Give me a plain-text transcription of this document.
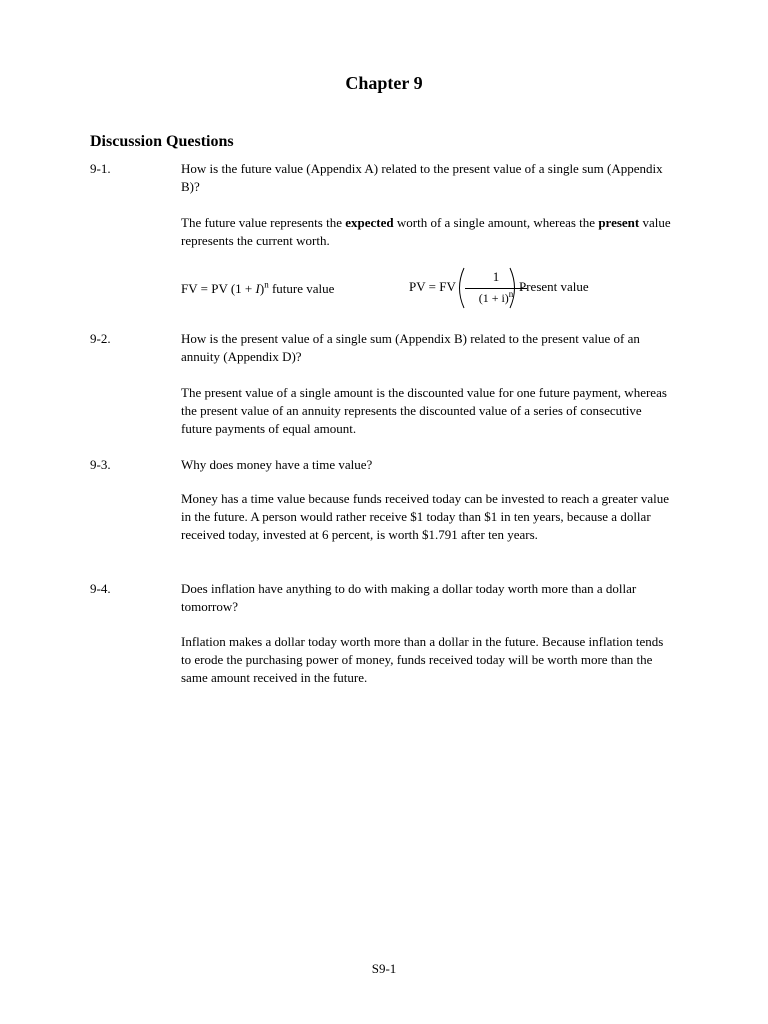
Chapter 9
Discussion Questions
9-1.	How is the future value (Appendix A) related to the present value of a single sum (Appendix B)?
The future value represents the expected worth of a single amount, whereas the present value represents the current worth.
FV = PV $(1 + I)^n$ future value	PV = FV
1
$(1 + i)^n$ Present value
9-2.	How is the present value of a single sum (Appendix B) related to the present value of an annuity (Appendix D)?
The present value of a single amount is the discounted value for one future payment, whereas the present value of an annuity represents the discounted value of a series of consecutive future payments of equal amount.
9-3.	Why does money have a time value?
Money has a time value because funds received today can be invested to reach a greater value in the future. A person would rather receive $1 today than $1 in ten years, because a dollar received today, invested at 6 percent, is worth $1.791 after ten years.
9-4.	Does inflation have anything to do with making a dollar today worth more than a dollar tomorrow?
Inflation makes a dollar today worth more than a dollar in the future. Because inflation tends to erode the purchasing power of money, funds received today will be worth more than the same amount received in the future.
S9-1
